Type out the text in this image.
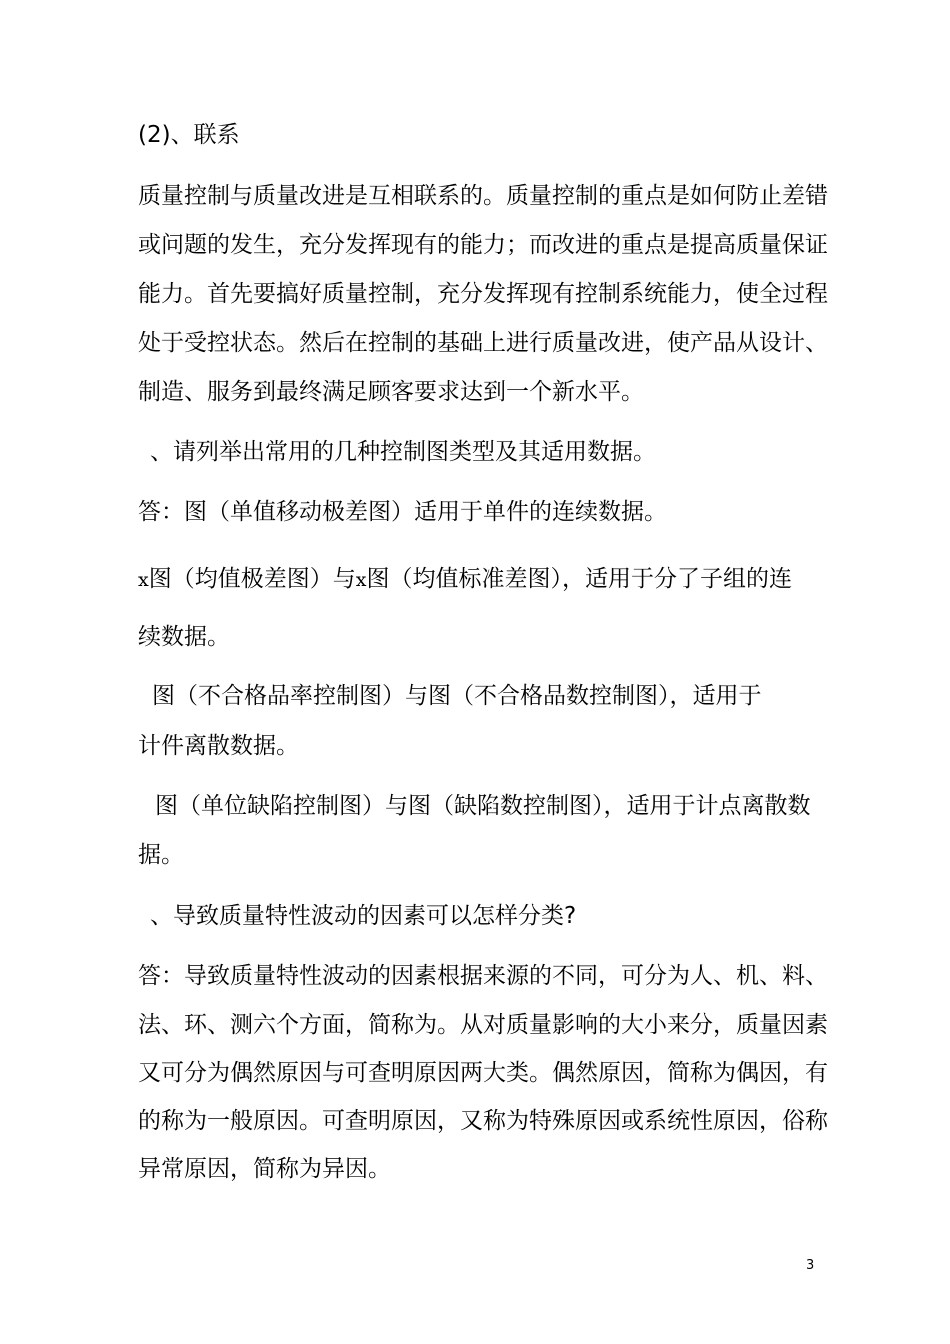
(2)、联系
质量控制与质量改进是互相联系的。质量控制的重点是如何防止差错
或问题的发生，充分发挥现有的能力；而改进的重点是提高质量保证
能力。首先要搞好质量控制，充分发挥现有控制系统能力，使全过程
处于受控状态。然后在控制的基础上进行质量改进，使产品从设计、
制造、服务到最终满足顾客要求达到一个新水平。
、请列举出常用的几种控制图类型及其适用数据。
答：图（单值移动极差图）适用于单件的连续数据。
x图（均值极差图）与x图（均值标准差图），适用于分了子组的连
续数据。
图（不合格品率控制图）与图（不合格品数控制图），适用于
计件离散数据。
图（单位缺陷控制图）与图（缺陷数控制图），适用于计点离散数
据。
、导致质量特性波动的因素可以怎样分类?
答：导致质量特性波动的因素根据来源的不同，可分为人、机、料、
法、环、测六个方面，简称为。从对质量影响的大小来分，质量因素
又可分为偶然原因与可查明原因两大类。偶然原因，简称为偶因，有
的称为一般原因。可查明原因，又称为特殊原因或系统性原因，俗称
异常原因，简称为异因。
3
